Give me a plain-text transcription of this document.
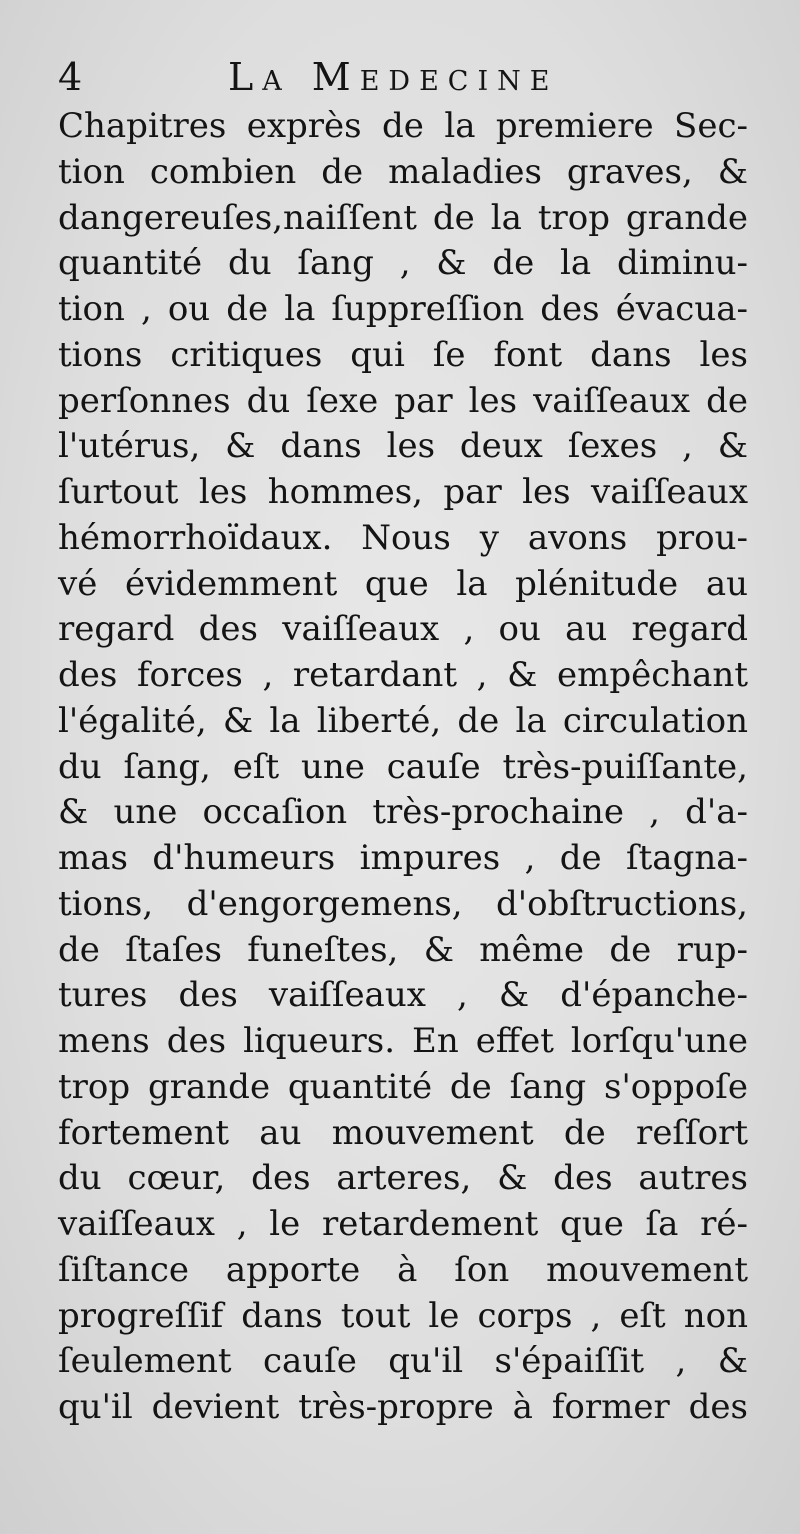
4	La Medecine
Chapitres exprès de la premiere Sec-
tion combien de maladies graves, &
dangereuſes,naiſſent de la trop grande
quantité du ſang , & de la diminu-
tion , ou de la ſuppreſſion des évacua-
tions critiques qui ſe font dans les
perſonnes du ſexe par les vaiſſeaux de
l'utérus, & dans les deux ſexes , &
ſurtout les hommes, par les vaiſſeaux
hémorrhoïdaux. Nous y avons prou-
vé évidemment que la plénitude au
regard des vaiſſeaux , ou au regard
des forces , retardant , & empêchant
l'égalité, & la liberté, de la circulation
du ſang, eſt une cauſe très-puiſſante,
& une occaſion très-prochaine , d'a-
mas d'humeurs impures , de ſtagna-
tions, d'engorgemens, d'obſtructions,
de ſtaſes funeſtes, & même de rup-
tures des vaiſſeaux , & d'épanche-
mens des liqueurs. En effet lorſqu'une
trop grande quantité de ſang s'oppoſe
fortement au mouvement de reſſort
du cœur, des arteres, & des autres
vaiſſeaux , le retardement que ſa ré-
ſiſtance apporte à ſon mouvement
progreſſif dans tout le corps , eſt non
ſeulement cauſe qu'il s'épaiſſit , &
qu'il devient très-propre à former des
